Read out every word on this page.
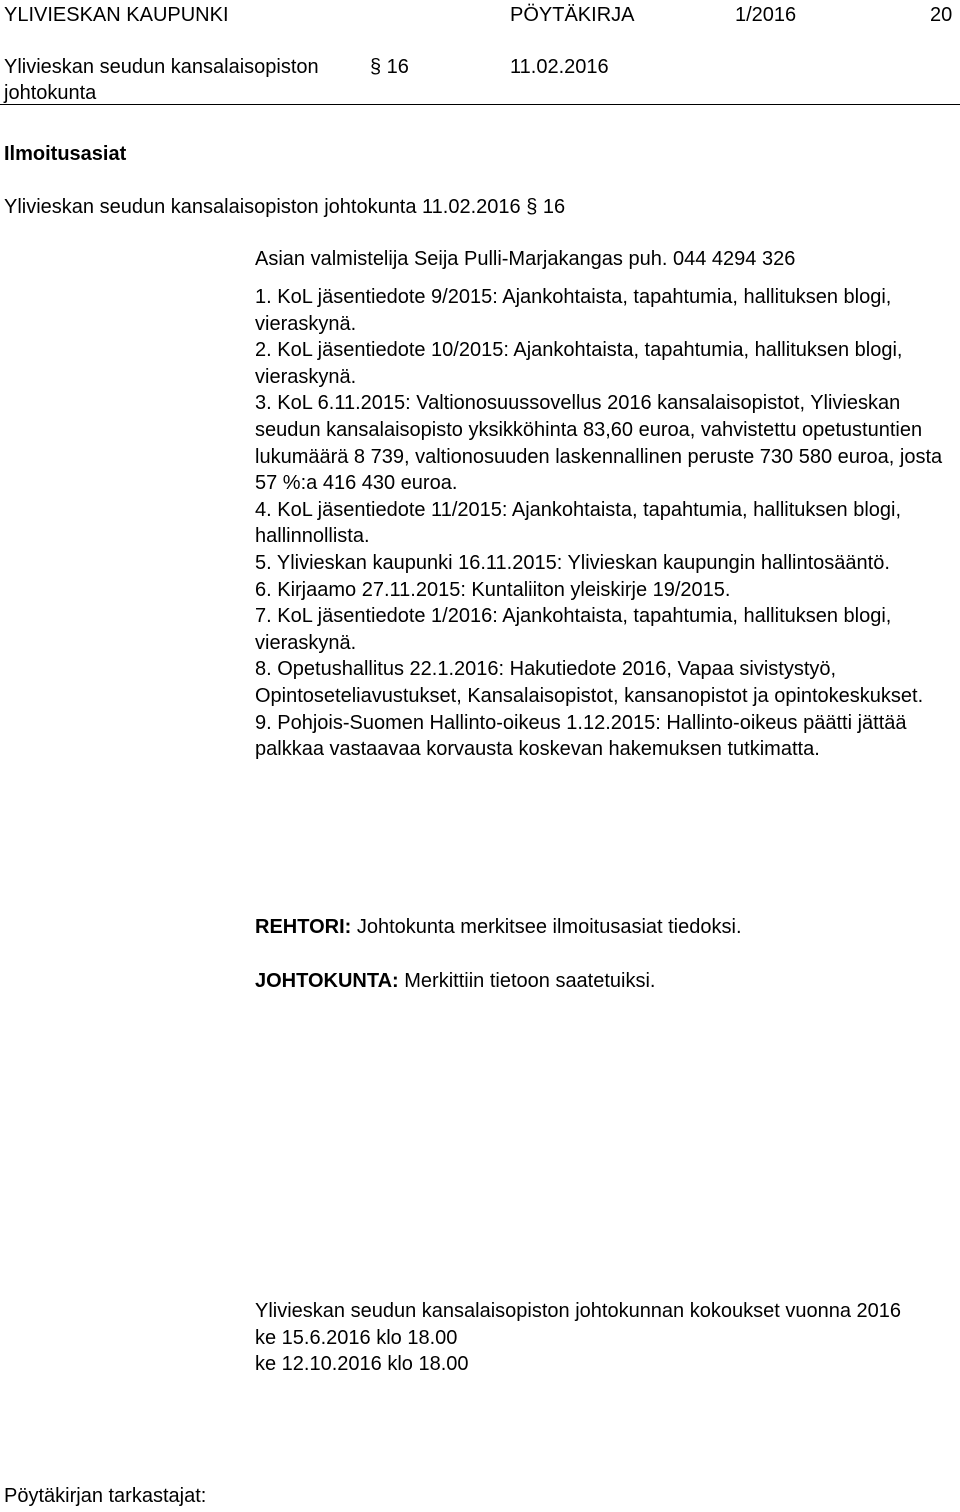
YLIVIESKAN KAUPUNKI	PÖYTÄKIRJA	1/2016	20
Ylivieskan seudun kansalaisopiston	§ 16	11.02.2016
johtokunta
Ilmoitusasiat
Ylivieskan seudun kansalaisopiston johtokunta 11.02.2016 § 16
Asian valmistelija Seija Pulli-Marjakangas puh. 044 4294 326
1. KoL jäsentiedote 9/2015: Ajankohtaista, tapahtumia, hallituksen blogi, vieraskynä.
2. KoL jäsentiedote 10/2015: Ajankohtaista, tapahtumia, hallituksen blogi, vieraskynä.
3. KoL 6.11.2015: Valtionosuussovellus 2016 kansalaisopistot, Ylivieskan seudun kansalaisopisto yksikköhinta 83,60 euroa, vahvistettu opetustuntien lukumäärä 8 739, valtionosuuden laskennallinen peruste 730 580 euroa, josta 57 %:a 416 430 euroa.
4. KoL jäsentiedote 11/2015: Ajankohtaista, tapahtumia, hallituksen blogi, hallinnollista.
5. Ylivieskan kaupunki 16.11.2015: Ylivieskan kaupungin hallintosääntö.
6. Kirjaamo 27.11.2015: Kuntaliiton yleiskirje 19/2015.
7. KoL jäsentiedote 1/2016: Ajankohtaista, tapahtumia, hallituksen blogi, vieraskynä.
8. Opetushallitus 22.1.2016: Hakutiedote 2016, Vapaa sivistystyö, Opintoseteliavustukset, Kansalaisopistot, kansanopistot ja opintokeskukset.
9. Pohjois-Suomen Hallinto-oikeus 1.12.2015: Hallinto-oikeus päätti jättää palkkaa vastaavaa korvausta koskevan hakemuksen tutkimatta.
REHTORI: Johtokunta merkitsee ilmoitusasiat tiedoksi.
JOHTOKUNTA: Merkittiin tietoon saatetuiksi.
Ylivieskan seudun kansalaisopiston johtokunnan kokoukset vuonna 2016
ke 15.6.2016 klo 18.00
ke 12.10.2016 klo 18.00
Pöytäkirjan tarkastajat:
